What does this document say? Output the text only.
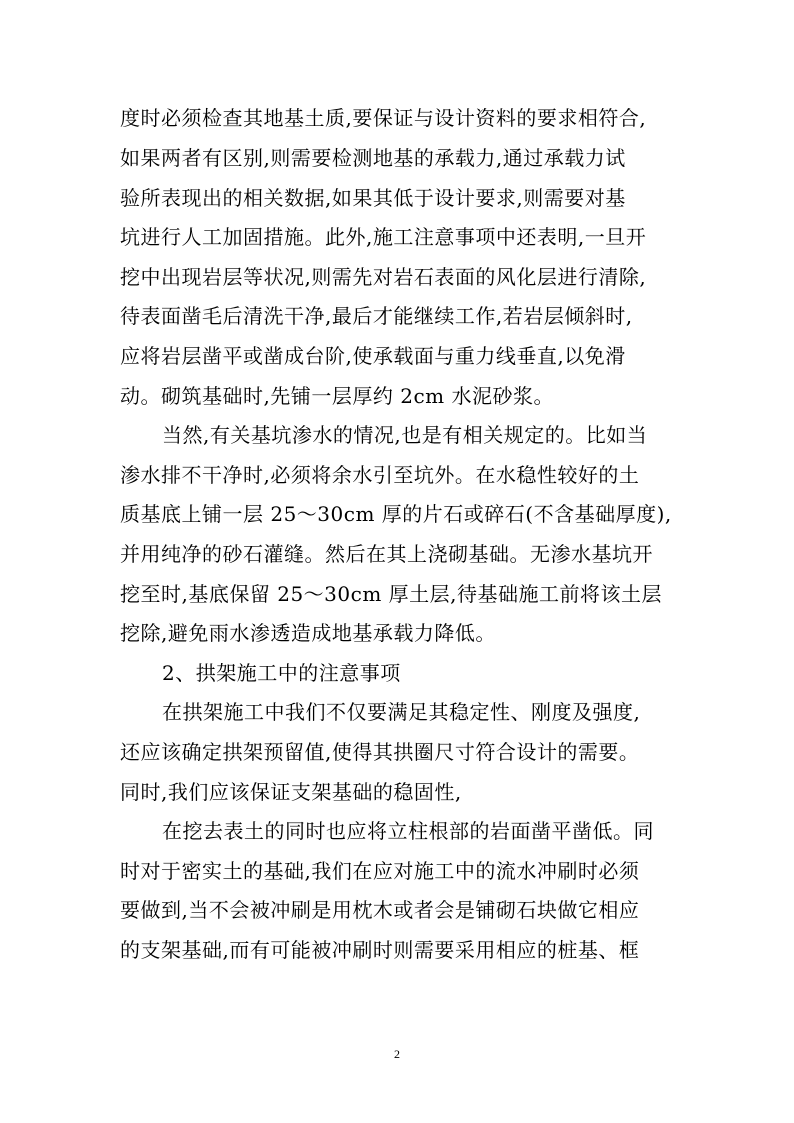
度时必须检查其地基土质,要保证与设计资料的要求相符合,
如果两者有区别,则需要检测地基的承载力,通过承载力试
验所表现出的相关数据,如果其低于设计要求,则需要对基
坑进行人工加固措施。此外,施工注意事项中还表明,一旦开
挖中出现岩层等状况,则需先对岩石表面的风化层进行清除,
待表面凿毛后清洗干净,最后才能继续工作,若岩层倾斜时,
应将岩层凿平或凿成台阶,使承载面与重力线垂直,以免滑
动。砌筑基础时,先铺一层厚约 2cm 水泥砂浆。
当然,有关基坑渗水的情况,也是有相关规定的。比如当
渗水排不干净时,必须将余水引至坑外。在水稳性较好的土
质基底上铺一层 25～30cm 厚的片石或碎石(不含基础厚度),
并用纯净的砂石灌缝。然后在其上浇砌基础。无渗水基坑开
挖至时,基底保留 25～30cm 厚土层,待基础施工前将该土层
挖除,避免雨水渗透造成地基承载力降低。
2、拱架施工中的注意事项
在拱架施工中我们不仅要满足其稳定性、刚度及强度,
还应该确定拱架预留值,使得其拱圈尺寸符合设计的需要。
同时,我们应该保证支架基础的稳固性,
在挖去表土的同时也应将立柱根部的岩面凿平凿低。同
时对于密实土的基础,我们在应对施工中的流水冲刷时必须
要做到,当不会被冲刷是用枕木或者会是铺砌石块做它相应
的支架基础,而有可能被冲刷时则需要采用相应的桩基、框
2
